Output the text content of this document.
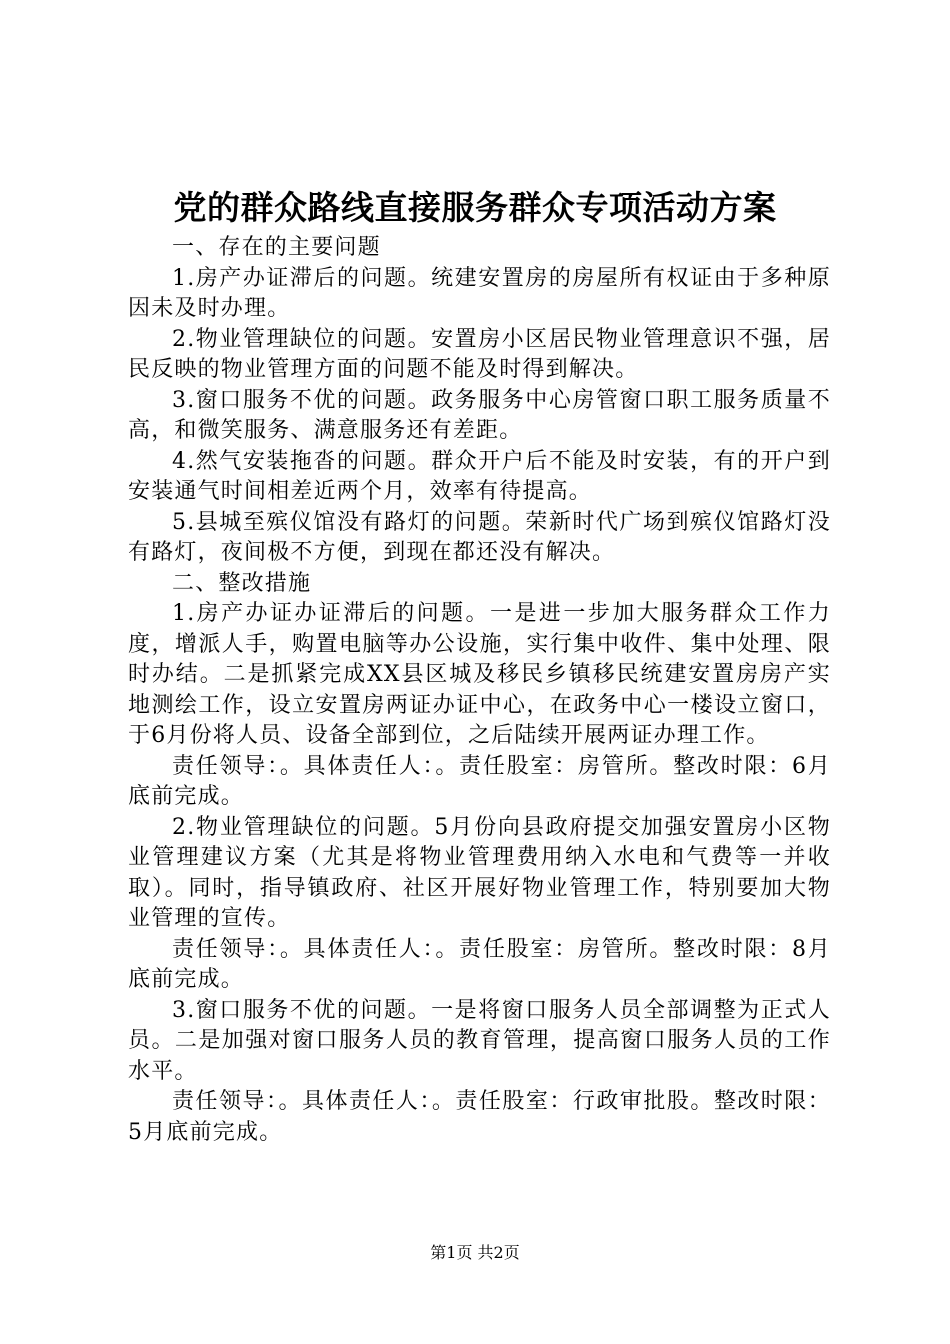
党的群众路线直接服务群众专项活动方案

一、存在的主要问题

1.房产办证滞后的问题。统建安置房的房屋所有权证由于多种原因未及时办理。

2.物业管理缺位的问题。安置房小区居民物业管理意识不强，居民反映的物业管理方面的问题不能及时得到解决。

3.窗口服务不优的问题。政务服务中心房管窗口职工服务质量不高，和微笑服务、满意服务还有差距。

4.然气安装拖沓的问题。群众开户后不能及时安装，有的开户到安装通气时间相差近两个月，效率有待提高。

5.县城至殡仪馆没有路灯的问题。荣新时代广场到殡仪馆路灯没有路灯，夜间极不方便，到现在都还没有解决。

二、整改措施

1.房产办证办证滞后的问题。一是进一步加大服务群众工作力度，增派人手，购置电脑等办公设施，实行集中收件、集中处理、限时办结。二是抓紧完成XX县区城及移民乡镇移民统建安置房房产实地测绘工作，设立安置房两证办证中心，在政务中心一楼设立窗口，于6月份将人员、设备全部到位，之后陆续开展两证办理工作。

责任领导：。具体责任人：。责任股室：房管所。整改时限：6月底前完成。

2.物业管理缺位的问题。5月份向县政府提交加强安置房小区物业管理建议方案（尤其是将物业管理费用纳入水电和气费等一并收取）。同时，指导镇政府、社区开展好物业管理工作，特别要加大物业管理的宣传。

责任领导：。具体责任人：。责任股室：房管所。整改时限：8月底前完成。

3.窗口服务不优的问题。一是将窗口服务人员全部调整为正式人员。二是加强对窗口服务人员的教育管理，提高窗口服务人员的工作水平。

责任领导：。具体责任人：。责任股室：行政审批股。整改时限：5月底前完成。

第1页 共2页
